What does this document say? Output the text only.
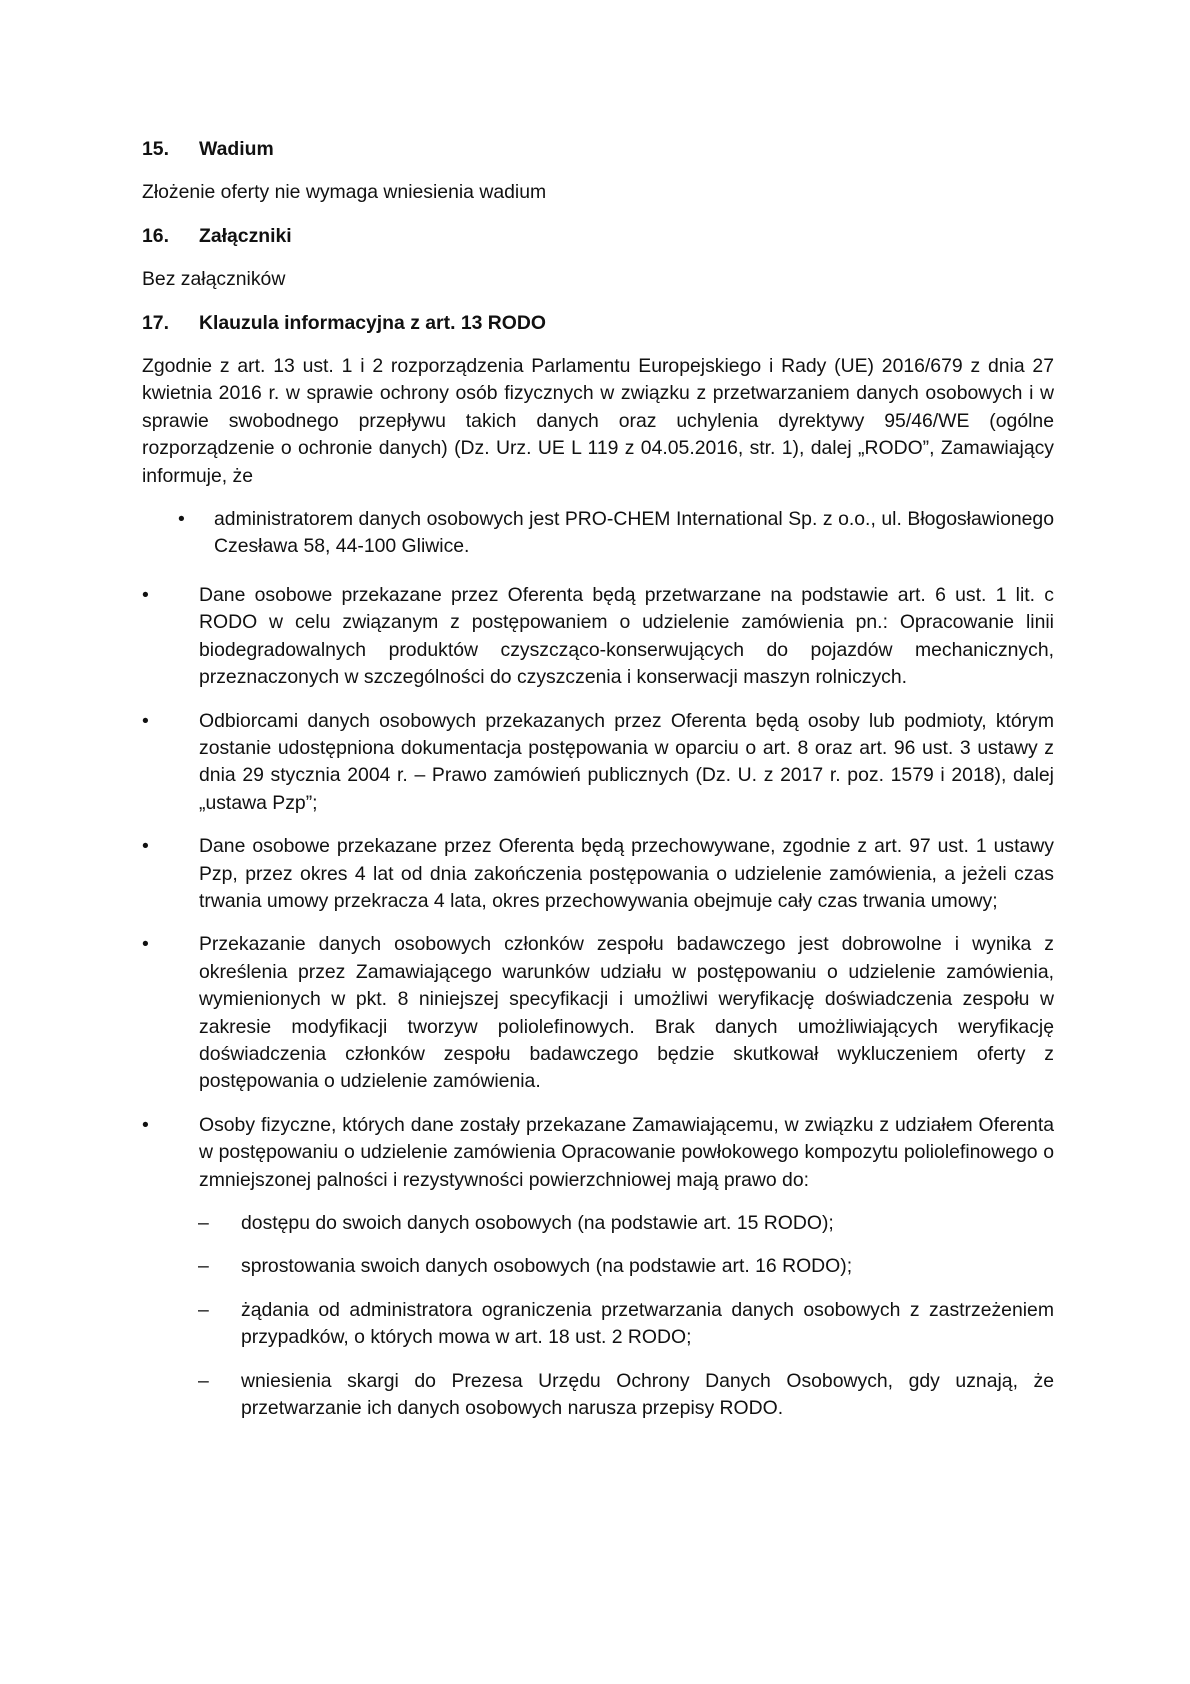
15.	Wadium

Złożenie oferty nie wymaga wniesienia wadium

16.	Załączniki

Bez załączników

17.	Klauzula informacyjna z art. 13 RODO

Zgodnie z art. 13 ust. 1 i 2 rozporządzenia Parlamentu Europejskiego i Rady (UE) 2016/679 z dnia 27 kwietnia 2016 r. w sprawie ochrony osób fizycznych w związku z przetwarzaniem danych osobowych i w sprawie swobodnego przepływu takich danych oraz uchylenia dyrektywy 95/46/WE (ogólne rozporządzenie o ochronie danych) (Dz. Urz. UE L 119 z 04.05.2016, str. 1), dalej „RODO”, Zamawiający informuje, że

•	administratorem danych osobowych jest PRO-CHEM International Sp. z o.o., ul. Błogosławionego Czesława 58, 44-100 Gliwice.
•	Dane osobowe przekazane przez Oferenta będą przetwarzane na podstawie art. 6 ust. 1 lit. c RODO w celu związanym z postępowaniem o udzielenie zamówienia pn.: Opracowanie linii biodegradowalnych produktów czyszcząco-konserwujących do pojazdów mechanicznych, przeznaczonych w szczególności do czyszczenia i konserwacji maszyn rolniczych.
•	Odbiorcami danych osobowych przekazanych przez Oferenta będą osoby lub podmioty, którym zostanie udostępniona dokumentacja postępowania w oparciu o art. 8 oraz art. 96 ust. 3 ustawy z dnia 29 stycznia 2004 r. – Prawo zamówień publicznych (Dz. U. z 2017 r. poz. 1579 i 2018), dalej „ustawa Pzp”;
•	Dane osobowe przekazane przez Oferenta będą przechowywane, zgodnie z art. 97 ust. 1 ustawy Pzp, przez okres 4 lat od dnia zakończenia postępowania o udzielenie zamówienia, a jeżeli czas trwania umowy przekracza 4 lata, okres przechowywania obejmuje cały czas trwania umowy;
•	Przekazanie danych osobowych członków zespołu badawczego jest dobrowolne i wynika z określenia przez Zamawiającego warunków udziału w postępowaniu o udzielenie zamówienia, wymienionych w pkt. 8 niniejszej specyfikacji i umożliwi weryfikację doświadczenia zespołu w zakresie modyfikacji tworzyw poliolefinowych. Brak danych umożliwiających weryfikację doświadczenia członków zespołu badawczego będzie skutkował wykluczeniem oferty z postępowania o udzielenie zamówienia.
•	Osoby fizyczne, których dane zostały przekazane Zamawiającemu, w związku z udziałem Oferenta w postępowaniu o udzielenie zamówienia Opracowanie powłokowego kompozytu poliolefinowego o zmniejszonej palności i rezystywności powierzchniowej mają prawo do:
–	dostępu do swoich danych osobowych (na podstawie art. 15 RODO);
–	sprostowania swoich danych osobowych (na podstawie art. 16 RODO);
–	żądania od administratora ograniczenia przetwarzania danych osobowych z zastrzeżeniem przypadków, o których mowa w art. 18 ust. 2 RODO;
–	wniesienia skargi do Prezesa Urzędu Ochrony Danych Osobowych, gdy uznają, że przetwarzanie ich danych osobowych narusza przepisy RODO.
